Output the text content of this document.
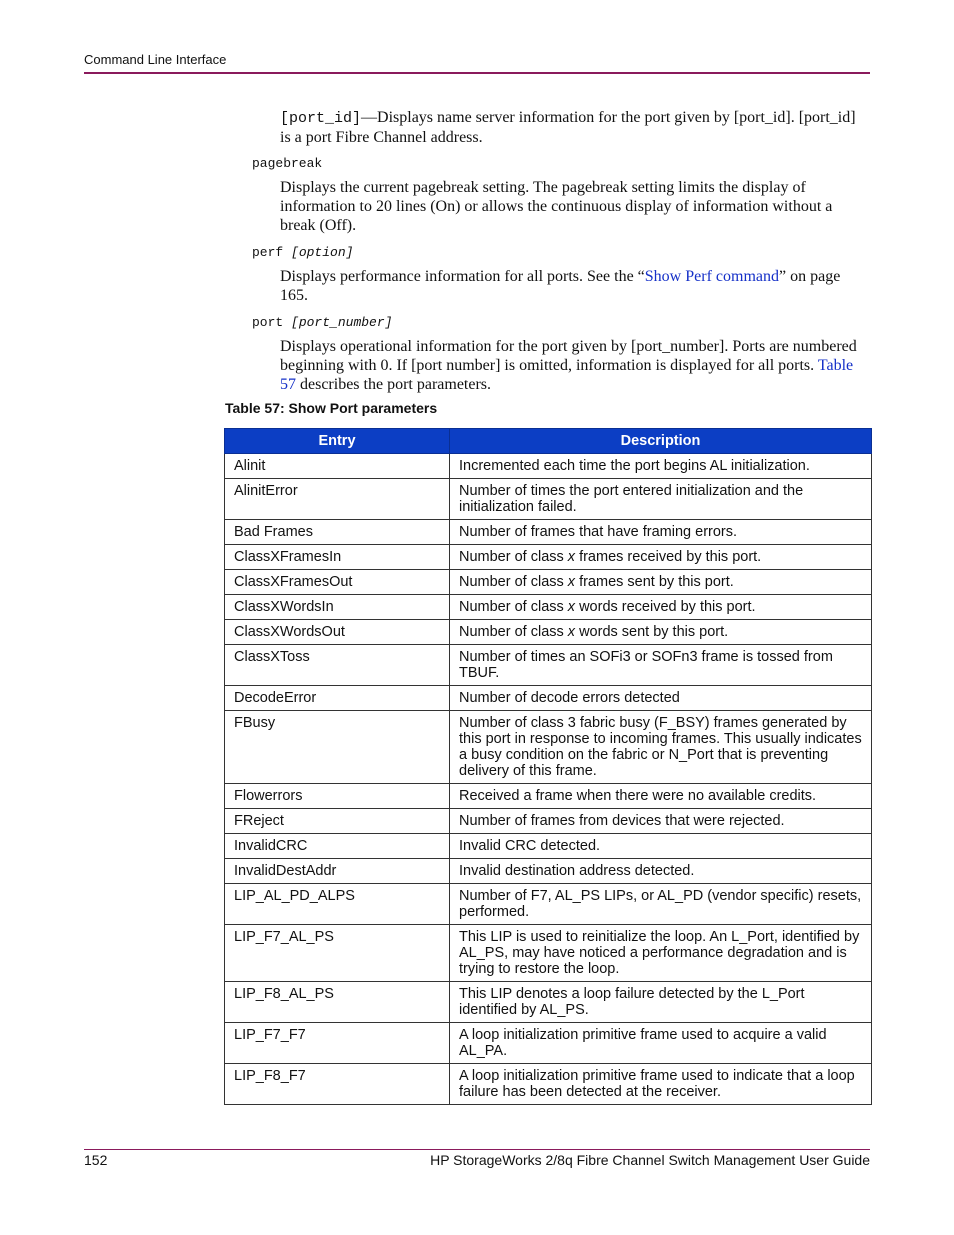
Command Line Interface
[port_id]—Displays name server information for the port given by [port_id]. [port_id] is a port Fibre Channel address.
pagebreak
Displays the current pagebreak setting. The pagebreak setting limits the display of information to 20 lines (On) or allows the continuous display of information without a break (Off).
perf [option]
Displays performance information for all ports. See the “Show Perf command” on page 165.
port [port_number]
Displays operational information for the port given by [port_number]. Ports are numbered beginning with 0. If [port number] is omitted, information is displayed for all ports. Table 57 describes the port parameters.
Table 57: Show Port parameters
Entry	Description
Alinit	Incremented each time the port begins AL initialization.
AlinitError	Number of times the port entered initialization and the initialization failed.
Bad Frames	Number of frames that have framing errors.
ClassXFramesIn	Number of class x frames received by this port.
ClassXFramesOut	Number of class x frames sent by this port.
ClassXWordsIn	Number of class x words received by this port.
ClassXWordsOut	Number of class x words sent by this port.
ClassXToss	Number of times an SOFi3 or SOFn3 frame is tossed from TBUF.
DecodeError	Number of decode errors detected
FBusy	Number of class 3 fabric busy (F_BSY) frames generated by this port in response to incoming frames. This usually indicates a busy condition on the fabric or N_Port that is preventing delivery of this frame.
Flowerrors	Received a frame when there were no available credits.
FReject	Number of frames from devices that were rejected.
InvalidCRC	Invalid CRC detected.
InvalidDestAddr	Invalid destination address detected.
LIP_AL_PD_ALPS	Number of F7, AL_PS LIPs, or AL_PD (vendor specific) resets, performed.
LIP_F7_AL_PS	This LIP is used to reinitialize the loop. An L_Port, identified by AL_PS, may have noticed a performance degradation and is trying to restore the loop.
LIP_F8_AL_PS	This LIP denotes a loop failure detected by the L_Port identified by AL_PS.
LIP_F7_F7	A loop initialization primitive frame used to acquire a valid AL_PA.
LIP_F8_F7	A loop initialization primitive frame used to indicate that a loop failure has been detected at the receiver.
152	HP StorageWorks 2/8q Fibre Channel Switch Management User Guide
